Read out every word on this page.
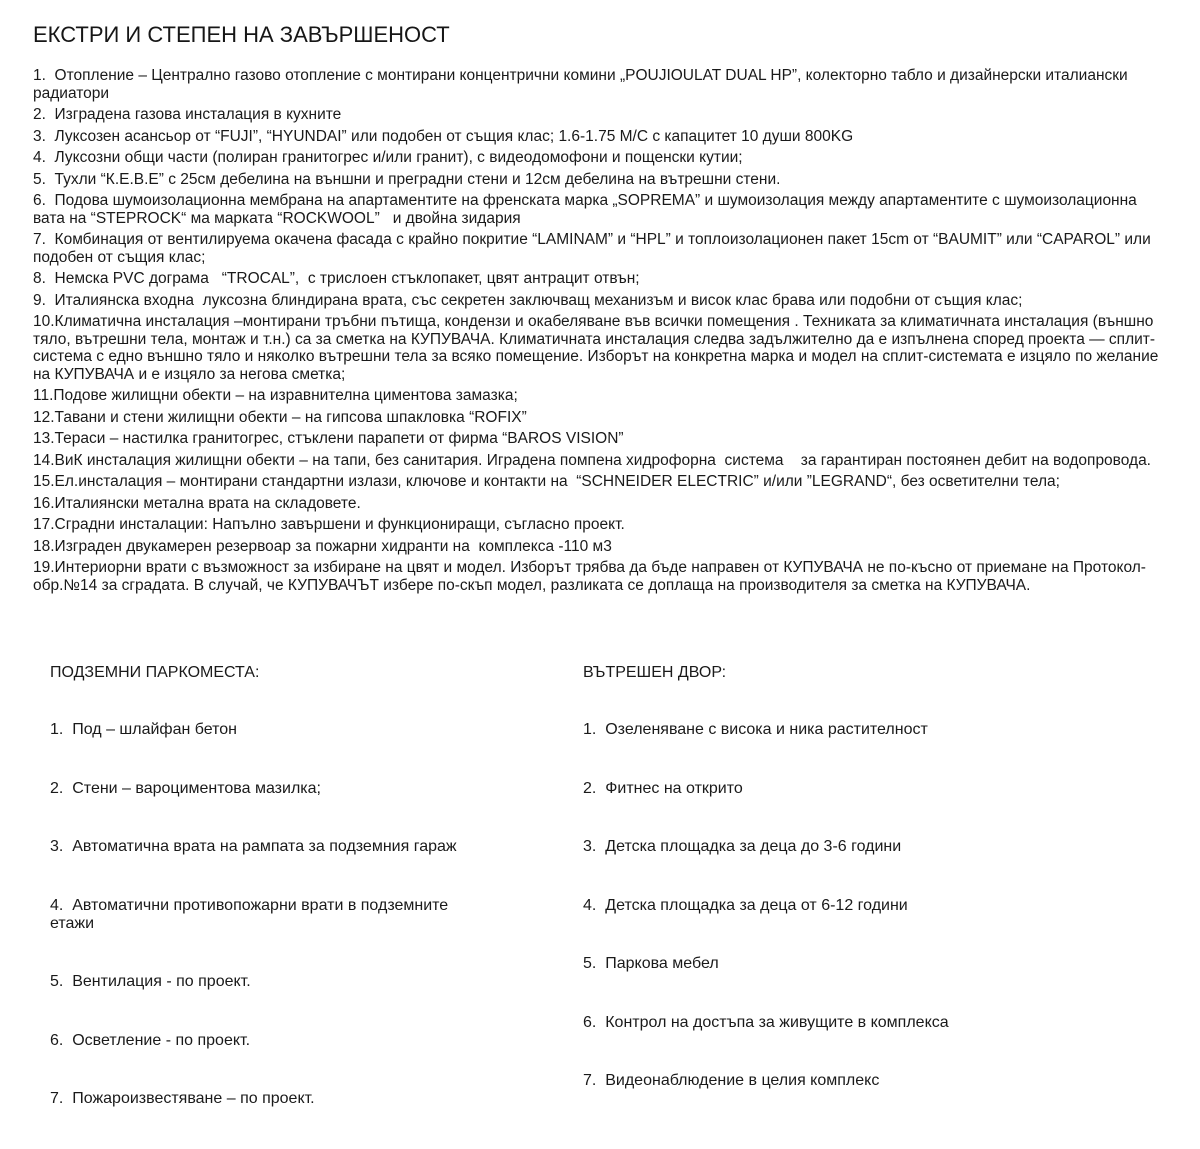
ЕКСТРИ И СТЕПЕН НА ЗАВЪРШЕНОСТ

1.  Отопление – Централно газово отопление с монтирани концентрични комини „POUJIOULAT DUAL HP”, колекторно табло и дизайнерски италиански радиатори

2.  Изградена газова инсталация в кухните

3.  Луксозен асансьор от “FUJI”, “HYUNDAI” или подобен от същия клас; 1.6-1.75 М/С с капацитет 10 души 800KG

4.  Луксозни общи части (полиран гранитогрес и/или гранит), с видеодомофони и пощенски кутии;

5.  Тухли “К.Е.В.Е” с 25см дебелина на външни и преградни стени и 12см дебелина на вътрешни стени.

6.  Подова шумоизолационна мембрана на апартаментите на френската марка „SOPREMA” и шумоизолация между апартаментите с шумоизолационна вата на “STEPROCK“ ма марката “ROCKWOOL”   и двойна зидария

7.  Комбинация от вентилируема окачена фасада с крайно покритие “LAMINAM” и “HPL” и топлоизолационен пакет 15cm от “BAUMIT” или “CAPAROL” или подобен от същия клас;

8.  Немска PVC дограма   “TROCAL”,  с трислоен стъклопакет, цвят антрацит отвън;

9.  Италиянска входна  луксозна блиндирана врата, със секретен заключващ механизъм и висок клас брава или подобни от същия клас;

10.Климатична инсталация –монтирани тръбни пътища, кондензи и окабеляване във всички помещения . Техниката за климатичната инсталация (външно тяло, вътрешни тела, монтаж и т.н.) са за сметка на КУПУВАЧА. Климатичната инсталация следва задължително да е изпълнена според проекта — сплит-система с едно външно тяло и няколко вътрешни тела за всяко помещение. Изборът на конкретна марка и модел на сплит-системата е изцяло по желание на КУПУВАЧА и е изцяло за негова сметка;

11.Подове жилищни обекти – на изравнителна циментова замазка;

12.Тавани и стени жилищни обекти – на гипсова шпакловка “ROFIX”

13.Тераси – настилка гранитогрес, стъклени парапети от фирма “BAROS VISION”

14.ВиК инсталация жилищни обекти – на тапи, без санитария. Иградена помпена хидрофорна  система    за гарантиран постоянен дебит на водопровода.

15.Ел.инсталация – монтирани стандартни излази, ключове и контакти на  “SCHNEIDER ELECTRIC” и/или ”LEGRAND“, без осветителни тела;

16.Италиянски метална врата на складовете.

17.Сградни инсталации: Напълно завършени и функциониращи, съгласно проект.

18.Изграден двукамерен резервоар за пожарни хидранти на  комплекса -110 м3

19.Интериорни врати с възможност за избиране на цвят и модел. Изборът трябва да бъде направен от КУПУВАЧА не по-късно от приемане на Протокол-обр.№14 за сградата. В случай, че КУПУВАЧЪТ избере по-скъп модел, разликата се доплаща на производителя за сметка на КУПУВАЧА.

ПОДЗЕМНИ ПАРКОМЕСТА:

1.  Под – шлайфан бетон

2.  Стени – вароциментова мазилка;

3.  Автоматична врата на рампата за подземния гараж

4.  Автоматични противопожарни врати в подземните етажи

5.  Вентилация - по проект.

6.  Осветление - по проект.

7.  Пожароизвестяване – по проект.

ВЪТРЕШЕН ДВОР:

1.  Озеленяване с висока и ника растителност

2.  Фитнес на открито

3.  Детска площадка за деца до 3-6 години

4.  Детска площадка за деца от 6-12 години

5.  Паркова мебел

6.  Контрол на достъпа за живущите в комплекса

7.  Видеонаблюдение в целия комплекс
